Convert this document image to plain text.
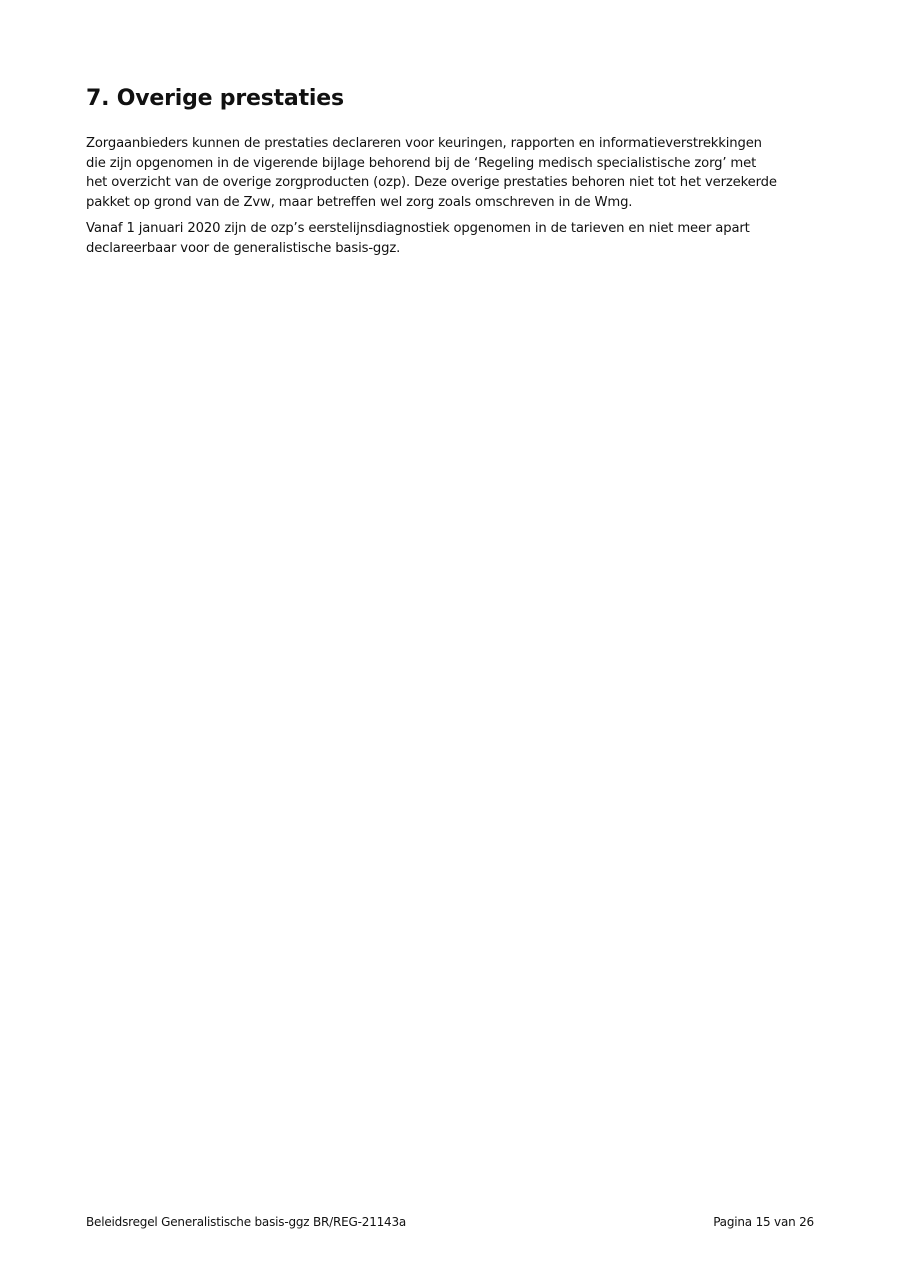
7. Overige prestaties

Zorgaanbieders kunnen de prestaties declareren voor keuringen, rapporten en informatieverstrekkingen
die zijn opgenomen in de vigerende bijlage behorend bij de ‘Regeling medisch specialistische zorg’ met
het overzicht van de overige zorgproducten (ozp). Deze overige prestaties behoren niet tot het verzekerde
pakket op grond van de Zvw, maar betreffen wel zorg zoals omschreven in de Wmg.

Vanaf 1 januari 2020 zijn de ozp’s eerstelijnsdiagnostiek opgenomen in de tarieven en niet meer apart
declareerbaar voor de generalistische basis-ggz.

Beleidsregel Generalistische basis-ggz BR/REG-21143a	Pagina 15 van 26
